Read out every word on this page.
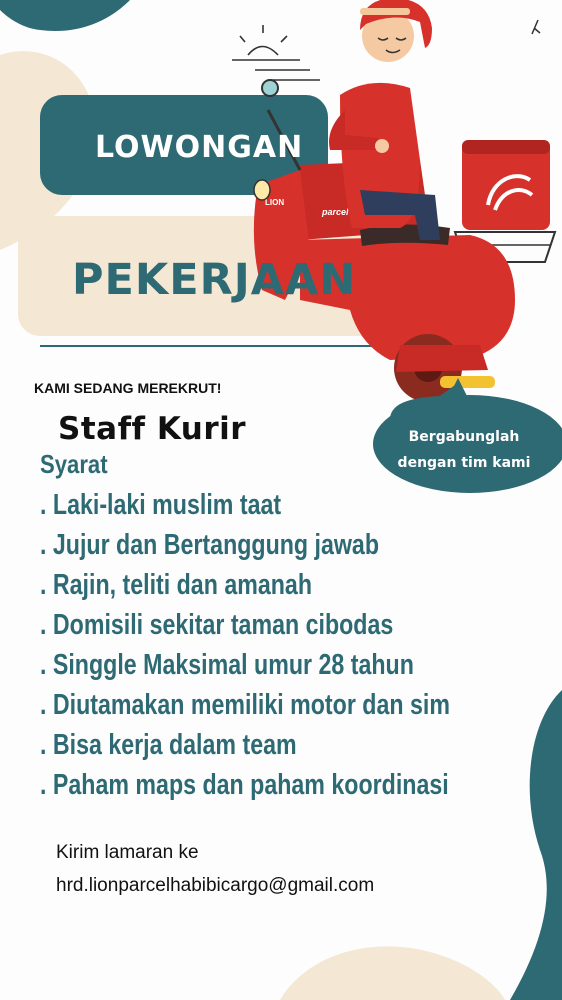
LION
parcel
LOWONGAN
PEKERJAAN
KAMI SEDANG MEREKRUT!
Staff Kurir	Bergabunglah
dengan tim kami
Syarat
. Laki-laki muslim taat
. Jujur dan Bertanggung jawab
. Rajin, teliti dan amanah
. Domisili sekitar taman cibodas
. Singgle Maksimal umur 28 tahun
. Diutamakan memiliki motor dan sim
. Bisa kerja dalam team
. Paham maps dan paham koordinasi
Kirim lamaran ke
hrd.lionparcelhabibicargo@gmail.com
